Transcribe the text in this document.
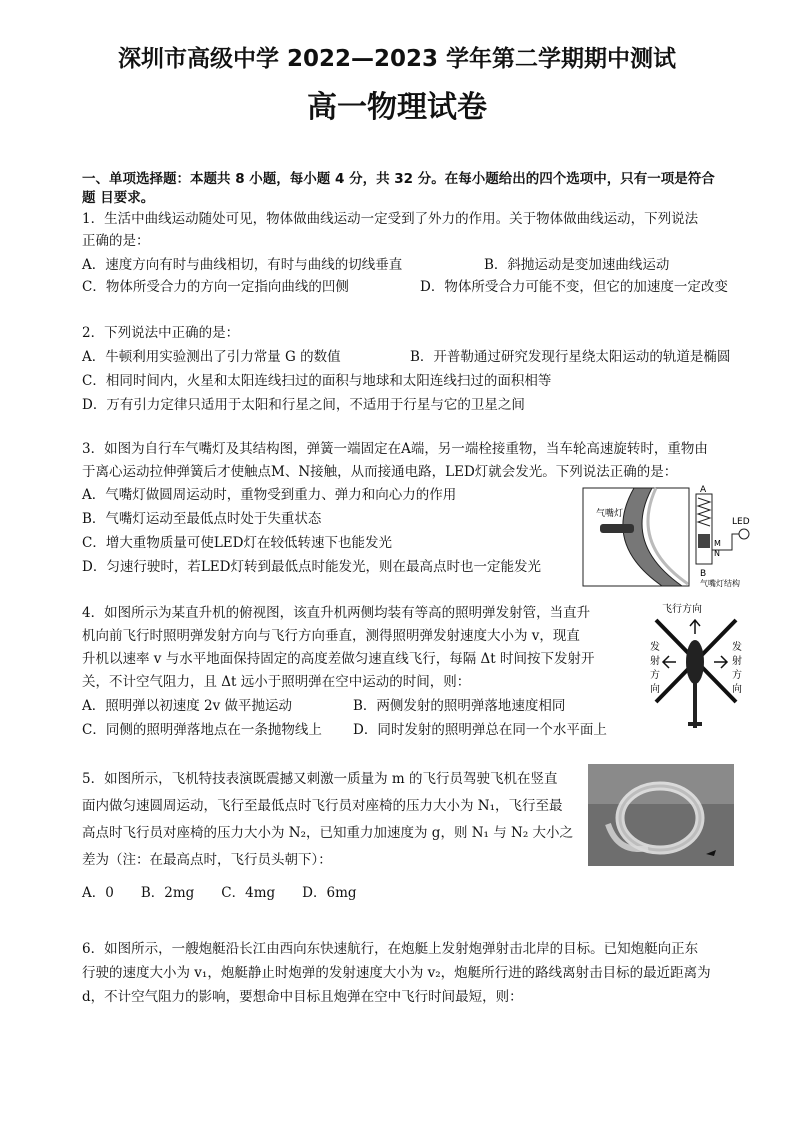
深圳市高级中学 2022—2023 学年第二学期期中测试
高一物理试卷
一、单项选择题：本题共 8 小题，每小题 4 分，共 32 分。在每小题给出的四个选项中，只有一项是符合
题 目要求。
1．生活中曲线运动随处可见，物体做曲线运动一定受到了外力的作用。关于物体做曲线运动，下列说法
正确的是：
A．速度方向有时与曲线相切，有时与曲线的切线垂直	B．斜抛运动是变加速曲线运动
C．物体所受合力的方向一定指向曲线的凹侧	D．物体所受合力可能不变，但它的加速度一定改变
2．下列说法中正确的是：
A．牛顿利用实验测出了引力常量 G 的数值	B．开普勒通过研究发现行星绕太阳运动的轨道是椭圆
C．相同时间内，火星和太阳连线扫过的面积与地球和太阳连线扫过的面积相等
D．万有引力定律只适用于太阳和行星之间，不适用于行星与它的卫星之间
3．如图为自行车气嘴灯及其结构图，弹簧一端固定在A端，另一端栓接重物，当车轮高速旋转时，重物由
于离心运动拉伸弹簧后才使触点M、N接触，从而接通电路，LED灯就会发光。下列说法正确的是：
A．气嘴灯做圆周运动时，重物受到重力、弹力和向心力的作用
B．气嘴灯运动至最低点时处于失重状态
C．增大重物质量可使LED灯在较低转速下也能发光
D．匀速行驶时，若LED灯转到最低点时能发光，则在最高点时也一定能发光
气嘴灯
A
B
M
N
LED
气嘴灯结构
4．如图所示为某直升机的俯视图，该直升机两侧均装有等高的照明弹发射管，当直升
机向前飞行时照明弹发射方向与飞行方向垂直，测得照明弹发射速度大小为 v，现直
升机以速率 v 与水平地面保持固定的高度差做匀速直线飞行，每隔 Δt 时间按下发射开
关，不计空气阻力，且 Δt 远小于照明弹在空中运动的时间，则：
A．照明弹以初速度 2v 做平抛运动	B．两侧发射的照明弹落地速度相同
C．同侧的照明弹落地点在一条抛物线上 D．同时发射的照明弹总在同一个水平面上
飞行方向
发射方向
发射方向
5．如图所示，飞机特技表演既震撼又刺激一质量为 m 的飞行员驾驶飞机在竖直
面内做匀速圆周运动，飞行至最低点时飞行员对座椅的压力大小为 N₁，飞行至最
高点时飞行员对座椅的压力大小为 N₂，已知重力加速度为 g，则 N₁ 与 N₂ 大小之
差为（注：在最高点时，飞行员头朝下）：
A．0　　B．2mg　　C．4mg　　D．6mg
6．如图所示，一艘炮艇沿长江由西向东快速航行，在炮艇上发射炮弹射击北岸的目标。已知炮艇向正东
行驶的速度大小为 v₁，炮艇静止时炮弹的发射速度大小为 v₂，炮艇所行进的路线离射击目标的最近距离为
d，不计空气阻力的影响，要想命中目标且炮弹在空中飞行时间最短，则：
